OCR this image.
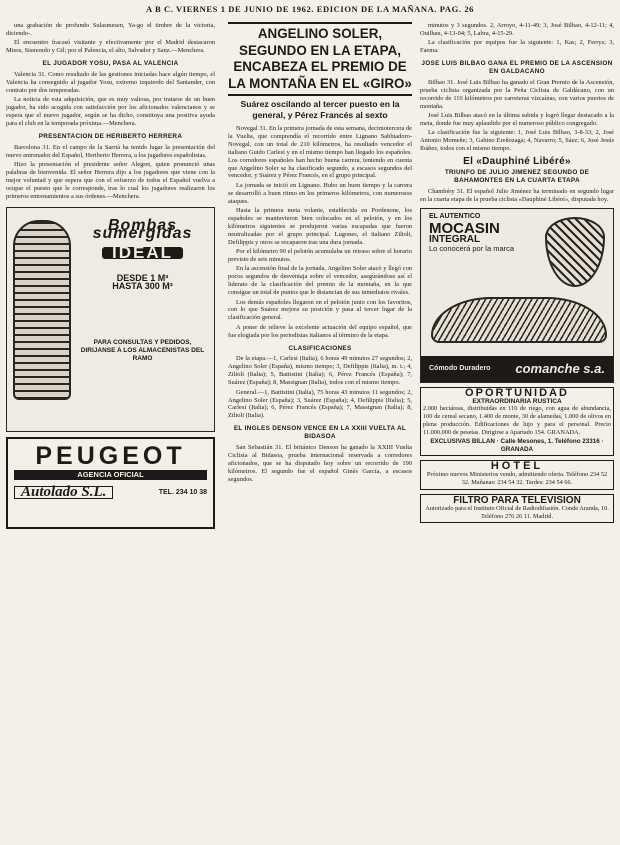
A B C. VIERNES 1 DE JUNIO DE 1962. EDICION DE LA MAÑANA. PAG. 26

una grabación de profundo Sulasmesen, Ya-go el timbre de la victoria, diciendo-.

El encuentro fracasó visitante y efectivamente por el Madrid destacaron Miera, Sismondo y Gil; por el Palencia, el alto, Salvador y Sanz.—Menchera.

EL JUGADOR YOSU, PASA AL VALENCIA

Valencia 31. Como resultado de las gestiones iniciadas hace algún tiempo, el Valencia ha conseguido al jugador Yosu, extremo izquierdo del Santander, con contrato por dos temporadas.

La noticia de esta adquisición, que es muy valiosa, por tratarse de un buen jugador, ha sido acogida con satisfacción por los aficionados valencianos y se espera que el nuevo jugador, según se ha dicho, constituya una positiva ayuda para el club en la temporada próxima.—Menchera.

PRESENTACION DE HERIBERTO HERRERA

Barcelona 31. En el campo de la Sarrià ha tenido lugar la presentación del nuevo entrenador del Español, Heriberto Herrera, a los jugadores españolistas.

Hizo la presentación el presidente señor Alegret, quien pronunció unas palabras de bienvenida. El señor Herrera dijo a los jugadores que viene con la mejor voluntad y que espera que con el esfuerzo de todos el Español vuelva a ocupar el puesto que le corresponde, tras lo cual los jugadores realizaron los primeros entrenamientos a sus órdenes.—Menchera.

Bombas sumergidas
IDEAL
DESDE 1 M³
HASTA 300 M³
PARA CONSULTAS Y PEDIDOS, DIRIJANSE A LOS ALMACENISTAS DEL RAMO
PEUGEOT
AGENCIA OFICIAL
Autolado S.L.	TEL. 234 10 38
ANGELINO SOLER, SEGUNDO EN LA ETAPA, ENCABEZA EL PREMIO DE LA MONTAÑA EN EL «GIRO»
Suárez oscilando al tercer puesto en la general, y Pérez Francés al sexto

Novegal 31. En la primera jornada de esta semana, decimotercera de la Vuelta, que comprendía el recorrido entre Lignano Sabbiadoro-Novegal, con un total de 210 kilómetros, ha resultado vencedor el italiano Guido Carlesi y en el mismo tiempo han llegado los españoles. Los corredores españoles han hecho buena carrera, teniendo en cuenta que Angelino Soler se ha clasificado segundo, a escasos segundos del vencedor, y Suárez y Pérez Francés, en el grupo principal.

La jornada se inició en Lignano. Hubo un buen tiempo y la carrera se desarrolló a buen ritmo en los primeros kilómetros, con numerosos ataques.

Hasta la primera meta volante, establecida en Pordenone, los españoles se mantuvieron bien colocados en el pelotón, y en los kilómetros siguientes se produjeron varias escapadas que fueron neutralizadas por el grupo principal. Lugones, el italiano Zilioli, Defilippis y otros se escaparon tras una dura jornada.

Por el kilómetro 90 el pelotón acumulaba un retraso sobre el horario previsto de seis minutos.

En la ascensión final de la jornada, Angelino Soler atacó y llegó con pocos segundos de desventaja sobre el vencedor, asegurándose así el liderato de la clasificación del premio de la montaña, en la que consigue un total de puntos que le distancian de sus inmediatos rivales.

Los demás españoles llegaron en el pelotón junto con los favoritos, con lo que Suárez mejora su posición y pasa al tercer lugar de la clasificación general.

A poner de relieve la excelente actuación del equipo español, que fue elogiada por los periodistas italianos al término de la etapa.

CLASIFICACIONES

De la etapa.—1, Carlesi (Italia), 6 horas 49 minutos 27 segundos; 2, Angelino Soler (España), mismo tiempo; 3, Defilippis (Italia), m. t.; 4, Zilioli (Italia); 5, Battistini (Italia); 6, Pérez Francés (España); 7, Suárez (España); 8, Massignan (Italia), todos con el mismo tiempo.

General.—1, Battistini (Italia), 75 horas 43 minutos 11 segundos; 2, Angelino Soler (España); 3, Suárez (España); 4, Defilippis (Italia); 5, Carlesi (Italia); 6, Pérez Francés (España); 7, Massignan (Italia); 8, Zilioli (Italia).

EL INGLES DENSON VENCE EN LA XXIII VUELTA AL BIDASOA

San Sebastián 31. El británico Denson ha ganado la XXIII Vuelta Ciclista al Bidasoa, prueba internacional reservada a corredores aficionados, que se ha disputado hoy sobre un recorrido de 190 kilómetros. El segundo fue el español Ginés García, a escasos segundos.

minutos y 3 segundos. 2, Arroyo, 4-11-49; 3, José Bilbao, 4-12-11; 4, Ouilhau, 4-13-04; 5, Labra, 4-15-29.

La clasificación por equipos fue la siguiente: 1, Kas; 2, Ferrys; 3, Faema.

JOSE LUIS BILBAO GANA EL PREMIO DE LA ASCENSION EN GALDACANO

Bilbao 31. José Luis Bilbao ha ganado el Gran Premio de la Ascensión, prueba ciclista organizada por la Peña Ciclista de Galdácano, con un recorrido de 110 kilómetros por carreteras vizcaínas, con varios puertos de montaña.

José Luis Bilbao atacó en la última subida y logró llegar destacado a la meta, donde fue muy aplaudido por el numeroso público congregado.

La clasificación fue la siguiente: 1, José Luis Bilbao, 3-8-33; 2, José Antonio Momeñe; 3, Gabino Ereñozaga; 4, Navarro; 5, Sáez; 6, José Jesús Ibáñez, todos con el mismo tiempo.

El «Dauphiné Libéré»
TRIUNFO DE JULIO JIMENEZ SEGUNDO DE BAHAMONTES EN LA CUARTA ETAPA

Chambéry 31. El español Julio Jiménez ha terminado en segundo lugar en la cuarta etapa de la prueba ciclista «Dauphiné Libéré», disputada hoy.

EL AUTENTICO
MOCASIN
INTEGRAL
Lo conocerá por la marca
Cómodo Duradero comanche s.a.
OPORTUNIDAD
EXTRAORDINARIA RUSTICA
2.000 hectáreas, distribuidas en 110 de riego, con agua de abundancia, 100 de cereal secano, 1.400 de monte, 30 de alamedas, 1.000 de olivos en plena producción. Edificaciones de lujo y para el personal. Precio 11.000.000 de pesetas. Dirigirse a Apartado 154. GRANADA.
EXCLUSIVAS BILLAN · Calle Mesones, 1. Teléfono 23316 · GRANADA
HOTEL
Próximo nuevos Ministerios vendo, admitiendo oferta. Teléfono 234 52 32. Mañanas: 234 54 32. Tardes: 234 54 66.
FILTRO PARA TELEVISION
Autorizado para el Instituto Oficial de Radiodifusión. Conde Aranda, 10. Teléfono 276 26 11. Madrid.
